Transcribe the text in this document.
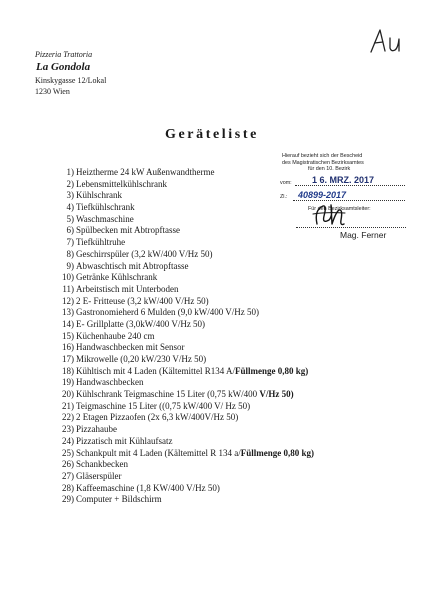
Pizzeria Trattoria
La Gondola
Kinskygasse 12/Lokal
1230 Wien
Geräteliste
Hierauf bezieht sich der Bescheid
des Magistratischen Bezirksamtes
für den 10. Bezirk
vom: 1 6. MRZ. 2017
Zl.: 40899-2017
Für den Bezirksamtsleiter:
Mag. Ferner
1) Heiztherme 24 kW Außenwandtherme
2) Lebensmittelkühlschrank
3) Kühlschrank
4) Tiefkühlschrank
5) Waschmaschine
6) Spülbecken mit Abtropftasse
7) Tiefkühltruhe
8) Geschirrspüler (3,2 kW/400 V/Hz 50)
9) Abwaschtisch mit Abtropftasse
10) Getränke Kühlschrank
11) Arbeitstisch mit Unterboden
12) 2 E- Fritteuse (3,2 kW/400 V/Hz 50)
13) Gastronomieherd 6 Mulden (9,0 kW/400 V/Hz 50)
14) E- Grillplatte (3,0kW/400 V/Hz 50)
15) Küchenhaube 240 cm
16) Handwaschbecken mit Sensor
17) Mikrowelle (0,20 kW/230 V/Hz 50)
18) Kühltisch mit 4 Laden (Kältemittel R134 A/Füllmenge 0,80 kg)
19) Handwaschbecken
20) Kühlschrank Teigmaschine 15 Liter (0,75 kW/400 V/Hz 50)
21) Teigmaschine 15 Liter ((0,75 kW/400 V/ Hz 50)
22) 2 Etagen Pizzaofen (2x 6,3 kW/400V/Hz 50)
23) Pizzahaube
24) Pizzatisch mit Kühlaufsatz
25) Schankpult mit 4 Laden (Kältemittel R 134 a/Füllmenge 0,80 kg)
26) Schankbecken
27) Gläserspüler
28) Kaffeemaschine (1,8 KW/400 V/Hz 50)
29) Computer + Bildschirm
